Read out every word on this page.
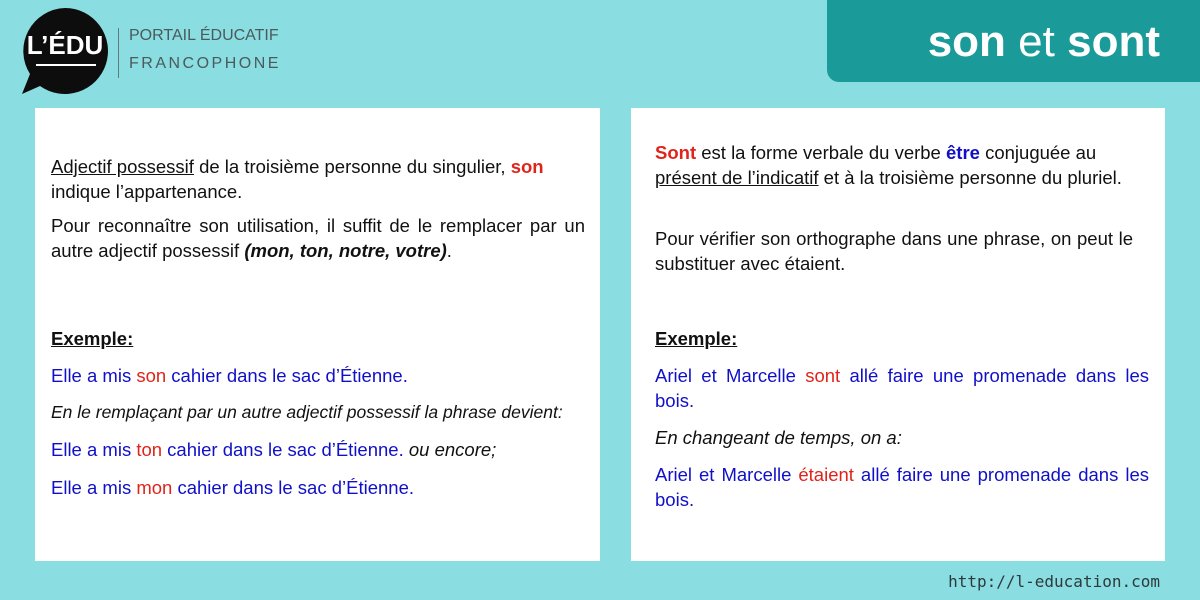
L’ÉDU	PORTAIL ÉDUCATIF
FRANCOPHONE	son et sont

Adjectif possessif de la troisième personne du singulier, son
indique l’appartenance.

Pour reconnaître son utilisation, il suffit de le remplacer par un autre adjectif possessif (mon, ton, notre, votre).

Exemple:

Elle a mis son cahier dans le sac d’Étienne.

En le remplaçant par un autre adjectif possessif la phrase devient:

Elle a mis ton cahier dans le sac d’Étienne. ou encore;

Elle a mis mon cahier dans le sac d’Étienne.

Sont est la forme verbale du verbe être conjuguée au présent de l’indicatif et à la troisième personne du pluriel.

Pour vérifier son orthographe dans une phrase, on peut le substituer avec étaient.

Exemple:

Ariel et Marcelle sont allé faire une promenade dans les bois.

En changeant de temps, on a:

Ariel et Marcelle étaient allé faire une promenade dans les bois.

http://l-education.com
